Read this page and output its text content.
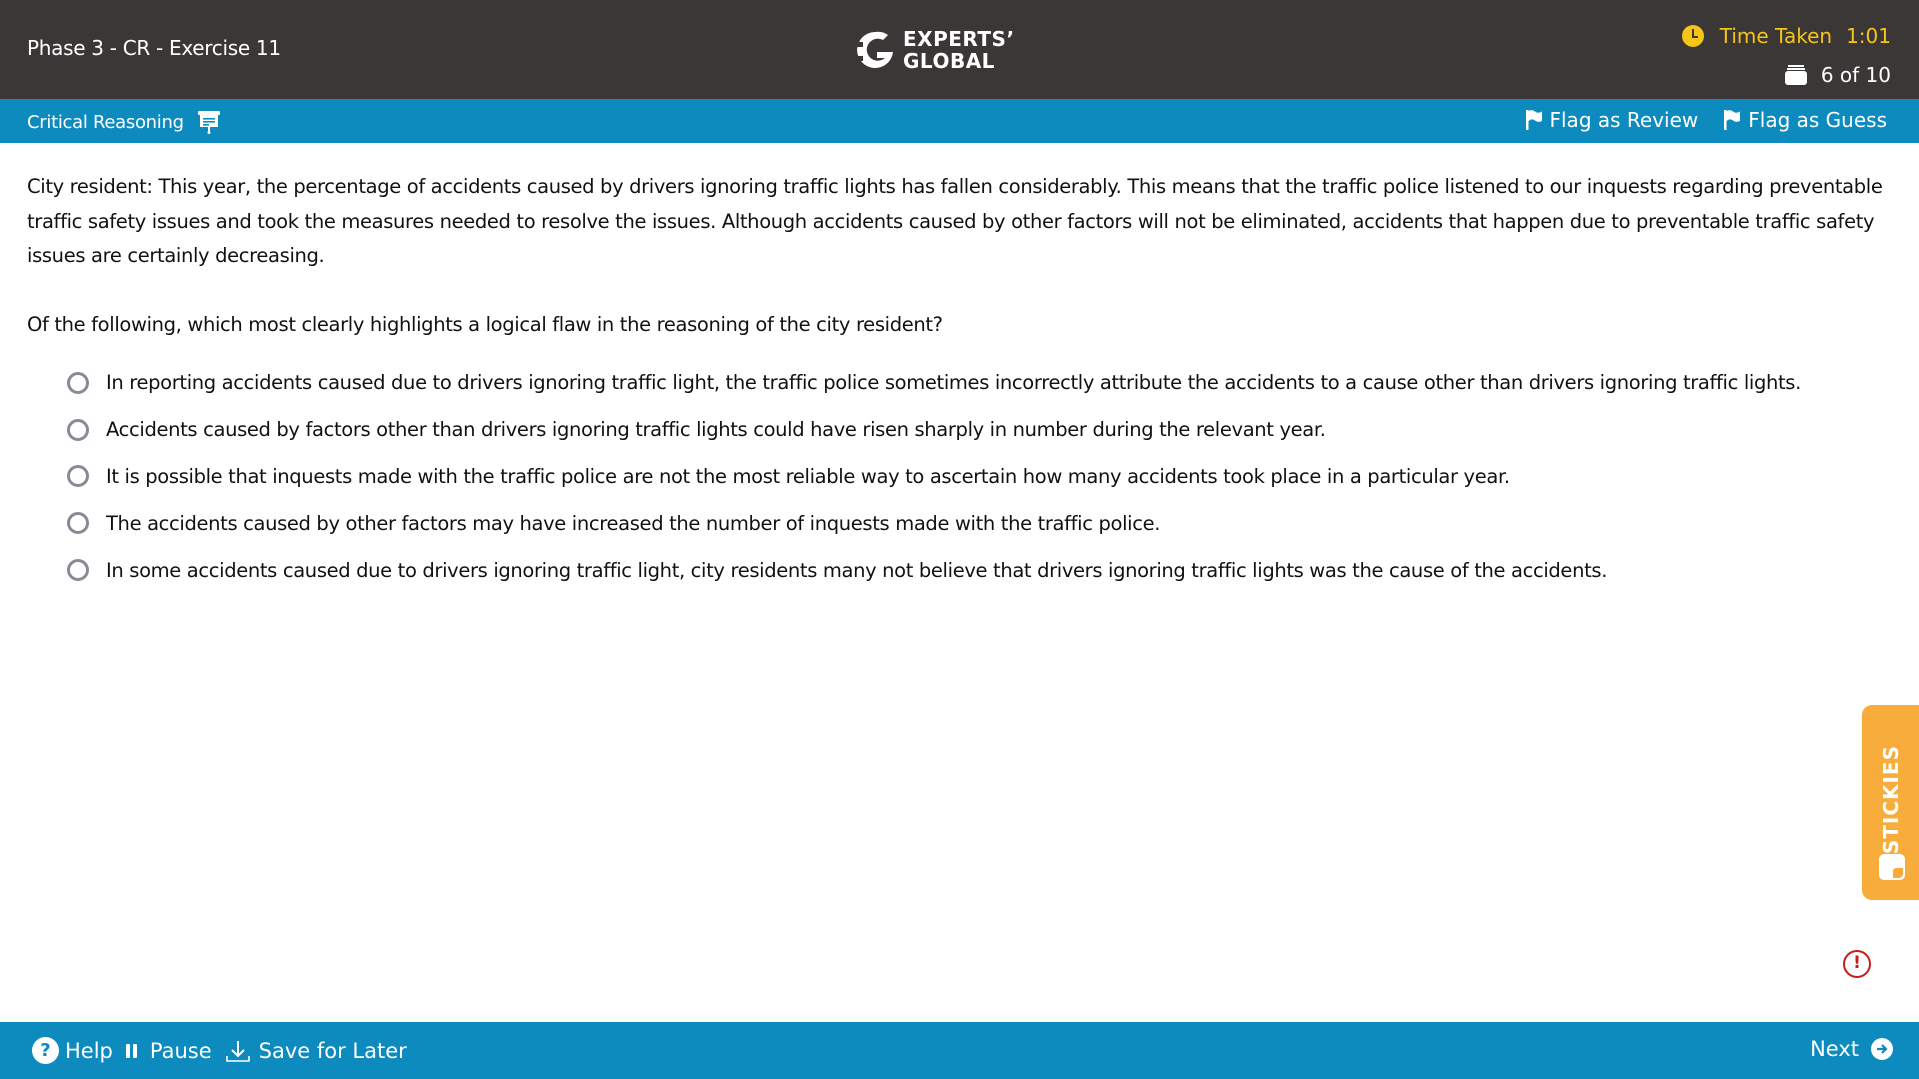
Phase 3 - CR - Exercise 11	EXPERTS’
GLOBAL
Time Taken 1:01
6 of 10
Critical Reasoning	Flag as Review	Flag as Guess

City resident: This year, the percentage of accidents caused by drivers ignoring traffic lights has fallen considerably. This means that the traffic police listened to our inquests regarding preventable traffic safety issues and took the measures needed to resolve the issues. Although accidents caused by other factors will not be eliminated, accidents that happen due to preventable traffic safety issues are certainly decreasing.

Of the following, which most clearly highlights a logical flaw in the reasoning of the city resident?

In reporting accidents caused due to drivers ignoring traffic light, the traffic police sometimes incorrectly attribute the accidents to a cause other than drivers ignoring traffic lights.
Accidents caused by factors other than drivers ignoring traffic lights could have risen sharply in number during the relevant year.
It is possible that inquests made with the traffic police are not the most reliable way to ascertain how many accidents took place in a particular year.
The accidents caused by other factors may have increased the number of inquests made with the traffic police.
In some accidents caused due to drivers ignoring traffic light, city residents many not believe that drivers ignoring traffic lights was the cause of the accidents.
STICKIES
!
? Help Pause Save for Later	Next
